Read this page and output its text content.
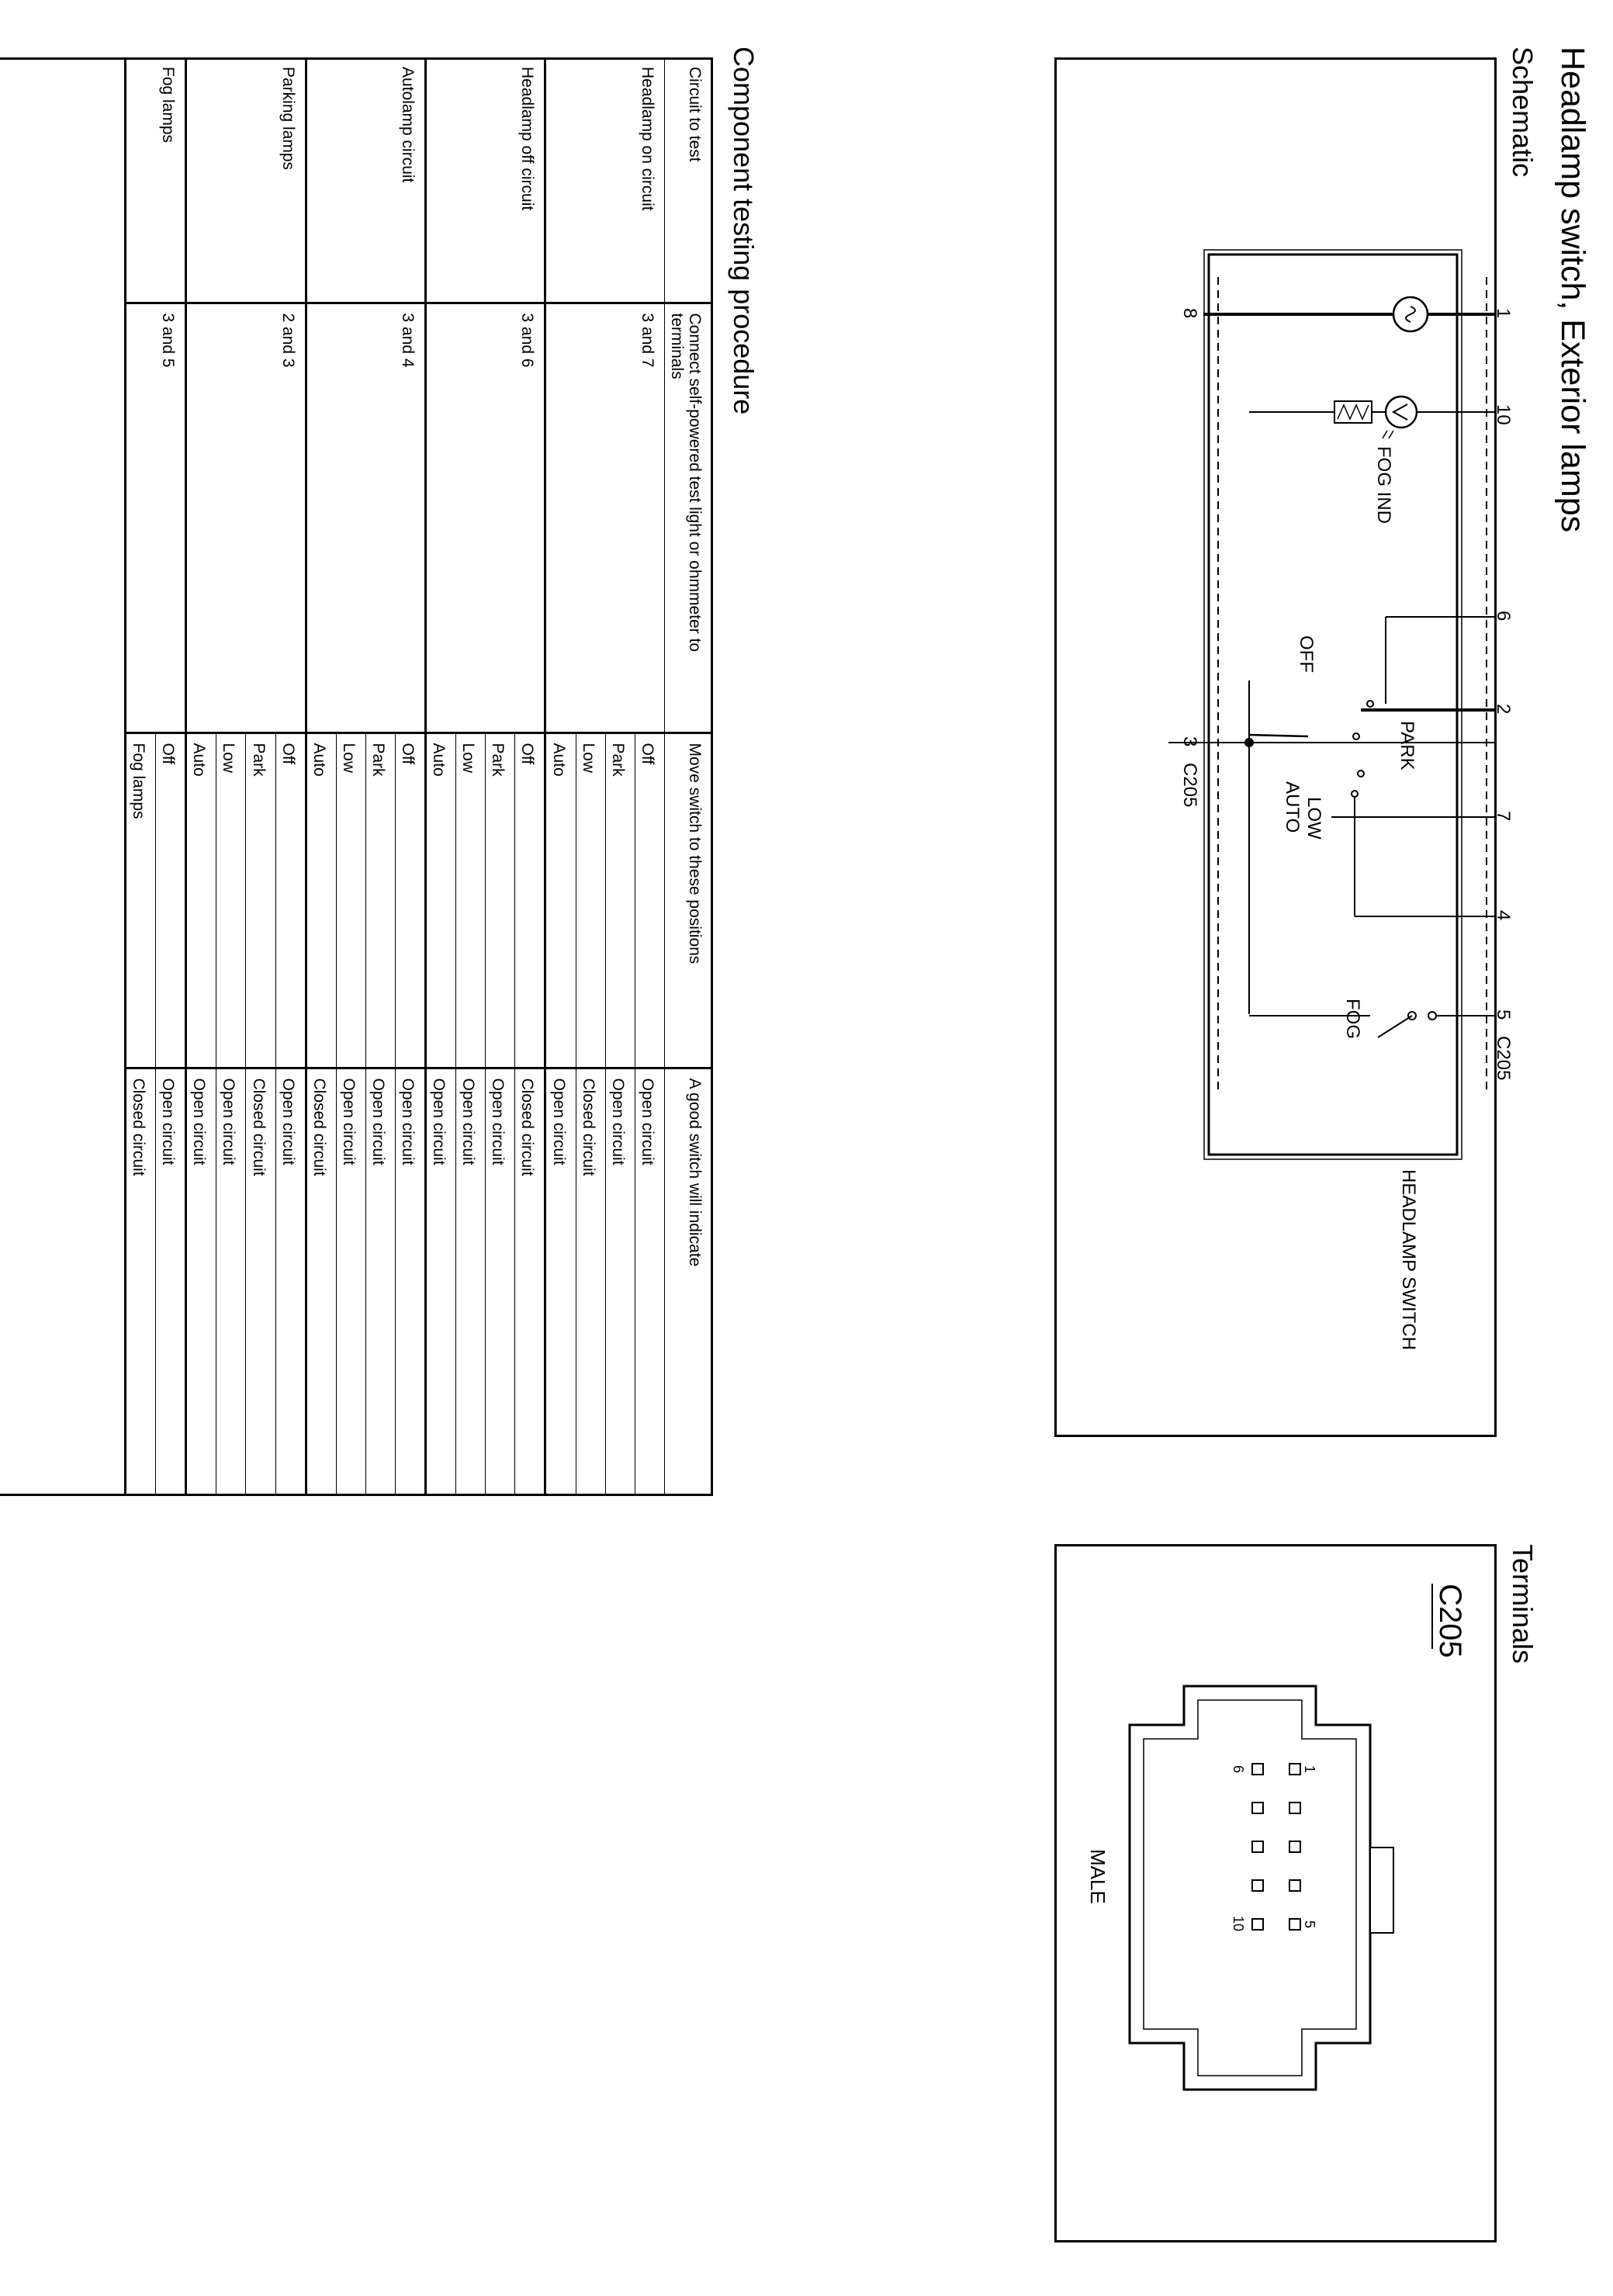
Headlamp switch, Exterior lamps
Schematic
Terminals
Component testing procedure
FOG IND
PARK
OFF
LOW
AUTO
FOG
1
10
6
2
7
4
5
8
3
C205
C205
HEADLAMP SWITCH
C205
MALE
1
6
5
10
Circuit to test	Connect self-powered test light or ohmmeter to terminals	Move switch to these positions	A good switch will indicate
Headlamp on circuit	3 and 7	Off	Open circuit
		Park	Open circuit
		Low	Closed circuit
		Auto	Open circuit
Headlamp off circuit	3 and 6	Off	Closed circuit
		Park	Open circuit
		Low	Open circuit
		Auto	Open circuit
Autolamp circuit	3 and 4	Off	Open circuit
		Park	Open circuit
		Low	Open circuit
		Auto	Closed circuit
Parking lamps	2 and 3	Off	Open circuit
		Park	Closed circuit
		Low	Open circuit
		Auto	Open circuit
Fog lamps	3 and 5	Off	Open circuit
		Fog lamps	Closed circuit
